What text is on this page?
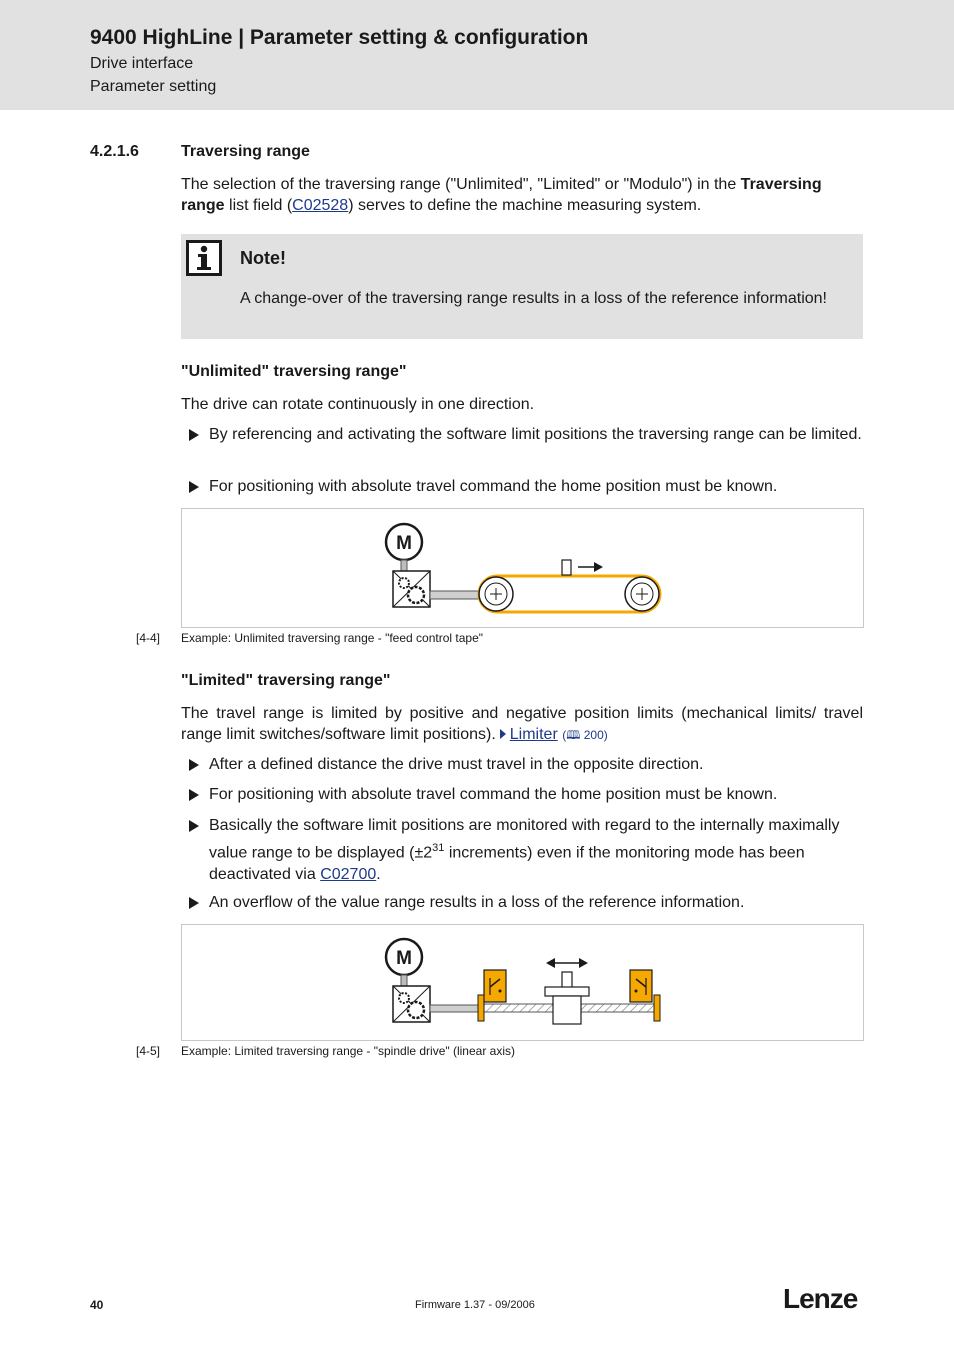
9400 HighLine | Parameter setting & configuration
Drive interface
Parameter setting
4.2.1.6	Traversing range
The selection of the traversing range ("Unlimited", "Limited" or "Modulo") in the Traversing range list field (C02528) serves to define the machine measuring system.
Note!
A change-over of the traversing range results in a loss of the reference information!
"Unlimited" traversing range"
The drive can rotate continuously in one direction.
By referencing and activating the software limit positions the traversing range can be limited.
For positioning with absolute travel command the home position must be known.
M
[4-4] Example: Unlimited traversing range - "feed control tape"
"Limited" traversing range"
The travel range is limited by positive and negative position limits (mechanical limits/ travel range limit switches/software limit positions). Limiter (🕮 200)
After a defined distance the drive must travel in the opposite direction.
For positioning with absolute travel command the home position must be known.
Basically the software limit positions are monitored with regard to the internally maximally value range to be displayed ($\pm 2^{31}$ increments) even if the monitoring mode has been deactivated via C02700.
An overflow of the value range results in a loss of the reference information.
M
[4-5] Example: Limited traversing range - "spindle drive" (linear axis)
40	Firmware 1.37 - 09/2006	Lenze
